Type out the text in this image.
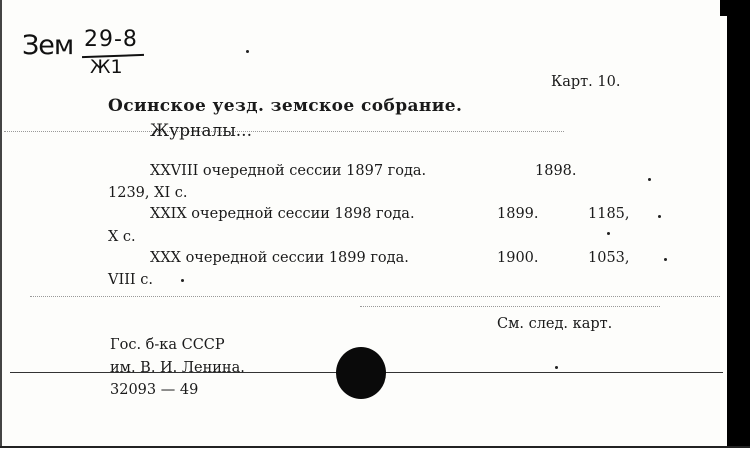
Зем 29-8
Ж1
Карт. 10.
Осинское уезд. земское собрание.
Журналы...
XXVIII очередной сессии 1897 года.	1898.
1239, XI с.
XXIX очередной сессии 1898 года.	1899.	1185,
X с.
XXX очередной сессии 1899 года.	1900.	1053,
VIII с.
См. след. карт.
Гос. б-ка СССР
им. В. И. Ленина.
32093 — 49
